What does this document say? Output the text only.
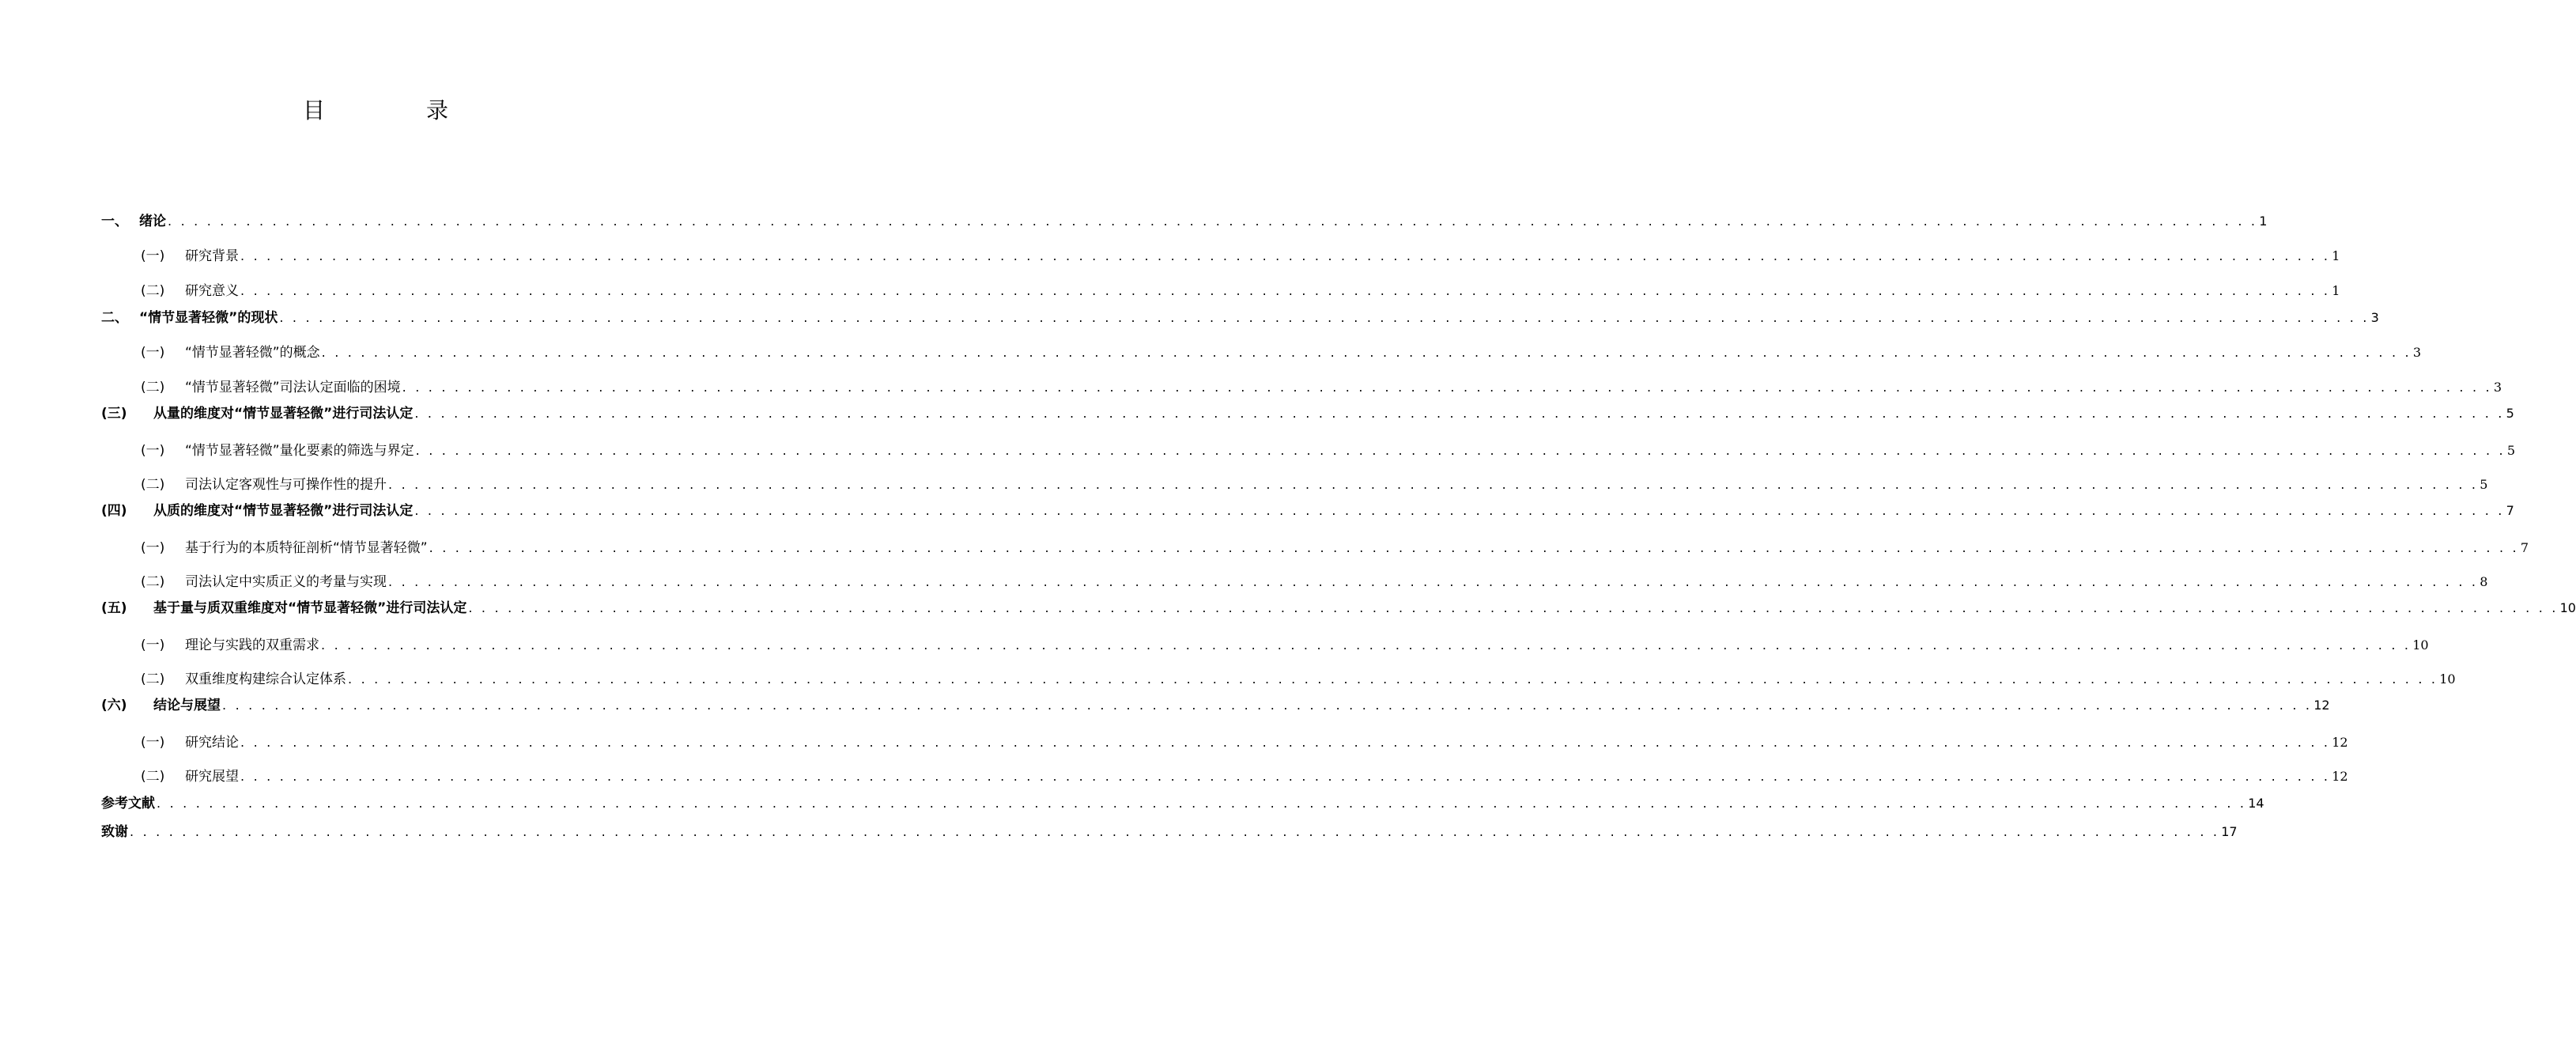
目　录
一、 绪论 . . . . . . . . . . . . . . . . . . . . . . . . . . . . . . . . . . . . . . . . . . . . . . . . . . . . . . . . . . . . . . . . . . . . . . . . . . . . . . . . . . . . . . . . . . . . . . . . . . . . . . . . . . . . . . . . . . . . . . . . . . . . . . . . . . . . . . . . . . . . . . . . . . . . . . . . . . . . . . . . 1
(一)	研究背景 . . . . . . . . . . . . . . . . . . . . . . . . . . . . . . . . . . . . . . . . . . . . . . . . . . . . . . . . . . . . . . . . . . . . . . . . . . . . . . . . . . . . . . . . . . . . . . . . . . . . . . . . . . . . . . . . . . . . . . . . . . . . . . . . . . . . . . . . . . . . . . . . . . . . . . . . . . . . . . . . 1
(二)	研究意义 . . . . . . . . . . . . . . . . . . . . . . . . . . . . . . . . . . . . . . . . . . . . . . . . . . . . . . . . . . . . . . . . . . . . . . . . . . . . . . . . . . . . . . . . . . . . . . . . . . . . . . . . . . . . . . . . . . . . . . . . . . . . . . . . . . . . . . . . . . . . . . . . . . . . . . . . . . . . . . . . 1
二、 “情节显著轻微”的现状 . . . . . . . . . . . . . . . . . . . . . . . . . . . . . . . . . . . . . . . . . . . . . . . . . . . . . . . . . . . . . . . . . . . . . . . . . . . . . . . . . . . . . . . . . . . . . . . . . . . . . . . . . . . . . . . . . . . . . . . . . . . . . . . . . . . . . . . . . . . . . . . . . . . . . . . . . . . . . . . . 3
(一)	“情节显著轻微”的概念 . . . . . . . . . . . . . . . . . . . . . . . . . . . . . . . . . . . . . . . . . . . . . . . . . . . . . . . . . . . . . . . . . . . . . . . . . . . . . . . . . . . . . . . . . . . . . . . . . . . . . . . . . . . . . . . . . . . . . . . . . . . . . . . . . . . . . . . . . . . . . . . . . . . . . . . . . . . . . . . . 3
(二)	“情节显著轻微”司法认定面临的困境 . . . . . . . . . . . . . . . . . . . . . . . . . . . . . . . . . . . . . . . . . . . . . . . . . . . . . . . . . . . . . . . . . . . . . . . . . . . . . . . . . . . . . . . . . . . . . . . . . . . . . . . . . . . . . . . . . . . . . . . . . . . . . . . . . . . . . . . . . . . . . . . . . . . . . . . . . . . . . . . . 3
(三)	从量的维度对“情节显著轻微”进行司法认定 . . . . . . . . . . . . . . . . . . . . . . . . . . . . . . . . . . . . . . . . . . . . . . . . . . . . . . . . . . . . . . . . . . . . . . . . . . . . . . . . . . . . . . . . . . . . . . . . . . . . . . . . . . . . . . . . . . . . . . . . . . . . . . . . . . . . . . . . . . . . . . . . . . . . . . . . . . . . . . . . 5
(一)	“情节显著轻微”量化要素的筛选与界定 . . . . . . . . . . . . . . . . . . . . . . . . . . . . . . . . . . . . . . . . . . . . . . . . . . . . . . . . . . . . . . . . . . . . . . . . . . . . . . . . . . . . . . . . . . . . . . . . . . . . . . . . . . . . . . . . . . . . . . . . . . . . . . . . . . . . . . . . . . . . . . . . . . . . . . . . . . . . . . . . 5
(二)	司法认定客观性与可操作性的提升 . . . . . . . . . . . . . . . . . . . . . . . . . . . . . . . . . . . . . . . . . . . . . . . . . . . . . . . . . . . . . . . . . . . . . . . . . . . . . . . . . . . . . . . . . . . . . . . . . . . . . . . . . . . . . . . . . . . . . . . . . . . . . . . . . . . . . . . . . . . . . . . . . . . . . . . . . . . . . . . . 5
(四)	从质的维度对“情节显著轻微”进行司法认定 . . . . . . . . . . . . . . . . . . . . . . . . . . . . . . . . . . . . . . . . . . . . . . . . . . . . . . . . . . . . . . . . . . . . . . . . . . . . . . . . . . . . . . . . . . . . . . . . . . . . . . . . . . . . . . . . . . . . . . . . . . . . . . . . . . . . . . . . . . . . . . . . . . . . . . . . . . . . . . . . 7
(一)	基于行为的本质特征剖析“情节显著轻微” . . . . . . . . . . . . . . . . . . . . . . . . . . . . . . . . . . . . . . . . . . . . . . . . . . . . . . . . . . . . . . . . . . . . . . . . . . . . . . . . . . . . . . . . . . . . . . . . . . . . . . . . . . . . . . . . . . . . . . . . . . . . . . . . . . . . . . . . . . . . . . . . . . . . . . . . . . . . . . . . 7
(二)	司法认定中实质正义的考量与实现 . . . . . . . . . . . . . . . . . . . . . . . . . . . . . . . . . . . . . . . . . . . . . . . . . . . . . . . . . . . . . . . . . . . . . . . . . . . . . . . . . . . . . . . . . . . . . . . . . . . . . . . . . . . . . . . . . . . . . . . . . . . . . . . . . . . . . . . . . . . . . . . . . . . . . . . . . . . . . . . . 8
(五)	基于量与质双重维度对“情节显著轻微”进行司法认定 . . . . . . . . . . . . . . . . . . . . . . . . . . . . . . . . . . . . . . . . . . . . . . . . . . . . . . . . . . . . . . . . . . . . . . . . . . . . . . . . . . . . . . . . . . . . . . . . . . . . . . . . . . . . . . . . . . . . . . . . . . . . . . . . . . . . . . . . . . . . . . . . . . . . . . . . . . . . . . . . 10
(一)	理论与实践的双重需求 . . . . . . . . . . . . . . . . . . . . . . . . . . . . . . . . . . . . . . . . . . . . . . . . . . . . . . . . . . . . . . . . . . . . . . . . . . . . . . . . . . . . . . . . . . . . . . . . . . . . . . . . . . . . . . . . . . . . . . . . . . . . . . . . . . . . . . . . . . . . . . . . . . . . . . . . . . . . . . . . 10
(二)	双重维度构建综合认定体系 . . . . . . . . . . . . . . . . . . . . . . . . . . . . . . . . . . . . . . . . . . . . . . . . . . . . . . . . . . . . . . . . . . . . . . . . . . . . . . . . . . . . . . . . . . . . . . . . . . . . . . . . . . . . . . . . . . . . . . . . . . . . . . . . . . . . . . . . . . . . . . . . . . . . . . . . . . . . . . . . 10
(六)	结论与展望 . . . . . . . . . . . . . . . . . . . . . . . . . . . . . . . . . . . . . . . . . . . . . . . . . . . . . . . . . . . . . . . . . . . . . . . . . . . . . . . . . . . . . . . . . . . . . . . . . . . . . . . . . . . . . . . . . . . . . . . . . . . . . . . . . . . . . . . . . . . . . . . . . . . . . . . . . . . . . . . . 12
(一)	研究结论 . . . . . . . . . . . . . . . . . . . . . . . . . . . . . . . . . . . . . . . . . . . . . . . . . . . . . . . . . . . . . . . . . . . . . . . . . . . . . . . . . . . . . . . . . . . . . . . . . . . . . . . . . . . . . . . . . . . . . . . . . . . . . . . . . . . . . . . . . . . . . . . . . . . . . . . . . . . . . . . . 12
(二)	研究展望 . . . . . . . . . . . . . . . . . . . . . . . . . . . . . . . . . . . . . . . . . . . . . . . . . . . . . . . . . . . . . . . . . . . . . . . . . . . . . . . . . . . . . . . . . . . . . . . . . . . . . . . . . . . . . . . . . . . . . . . . . . . . . . . . . . . . . . . . . . . . . . . . . . . . . . . . . . . . . . . . 12
参考文献 . . . . . . . . . . . . . . . . . . . . . . . . . . . . . . . . . . . . . . . . . . . . . . . . . . . . . . . . . . . . . . . . . . . . . . . . . . . . . . . . . . . . . . . . . . . . . . . . . . . . . . . . . . . . . . . . . . . . . . . . . . . . . . . . . . . . . . . . . . . . . . . . . . . . . . . . . . . . . . . . 14
致谢 . . . . . . . . . . . . . . . . . . . . . . . . . . . . . . . . . . . . . . . . . . . . . . . . . . . . . . . . . . . . . . . . . . . . . . . . . . . . . . . . . . . . . . . . . . . . . . . . . . . . . . . . . . . . . . . . . . . . . . . . . . . . . . . . . . . . . . . . . . . . . . . . . . . . . . . . . . . . . . . . 17
